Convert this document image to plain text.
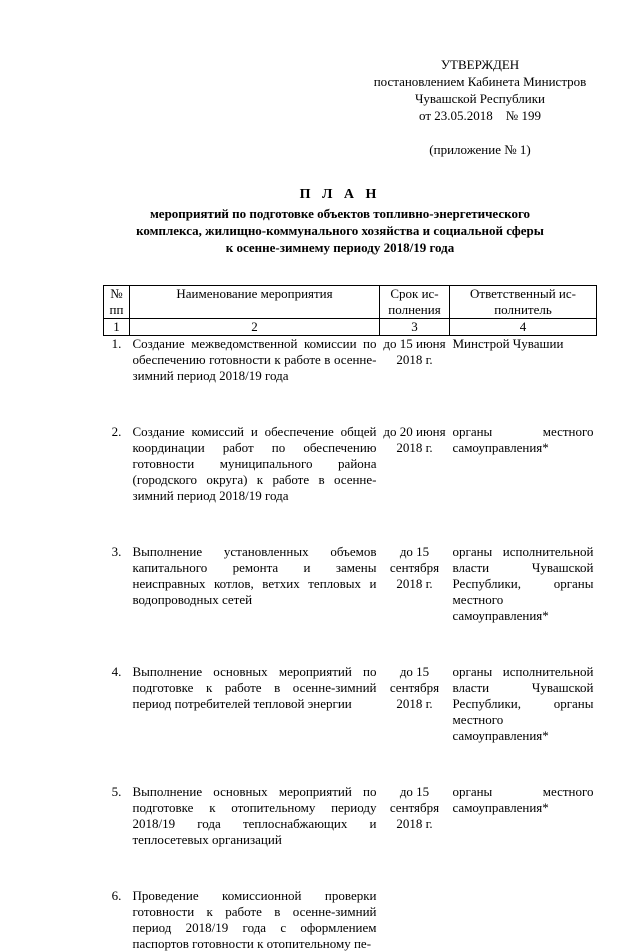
УТВЕРЖДЕН
постановлением Кабинета Министров
Чувашской Республики
от 23.05.2018    № 199
(приложение № 1)
П Л А Н
мероприятий по подготовке объектов топливно-энергетического
комплекса, жилищно-коммунального хозяйства и социальной сферы
к осенне-зимнему периоду 2018/19 года
№ пп	Наименование мероприятия	Срок ис-полнения	Ответственный ис-полнитель
1	2	3	4
1.	Создание межведомственной комиссии по обеспечению готовности к работе в осенне-зимний период 2018/19 года	до 15 июня 2018 г.	Минстрой Чувашии
2.	Создание комиссий и обеспечение общей координации работ по обеспечению готовности муниципального района (городского округа) к работе в осенне-зимний период 2018/19 года	до 20 июня 2018 г.	органы местного самоуправления*
3.	Выполнение установленных объемов капитального ремонта и замены неисправных котлов, ветхих тепловых и водопроводных сетей	до 15 сентября 2018 г.	органы исполнительной власти Чувашской Республики, органы местного самоуправления*
4.	Выполнение основных мероприятий по подготовке к работе в осенне-зимний период потребителей тепловой энергии	до 15 сентября 2018 г.	органы исполнительной власти Чувашской Республики, органы местного самоуправления*
5.	Выполнение основных мероприятий по подготовке к отопительному периоду 2018/19 года теплоснабжающих и теплосетевых организаций	до 15 сентября 2018 г.	органы местного самоуправления*
6.	Проведение комиссионной проверки готовности к работе в осенне-зимний период 2018/19 года с оформлением паспортов готовности к отопительному пе-		
